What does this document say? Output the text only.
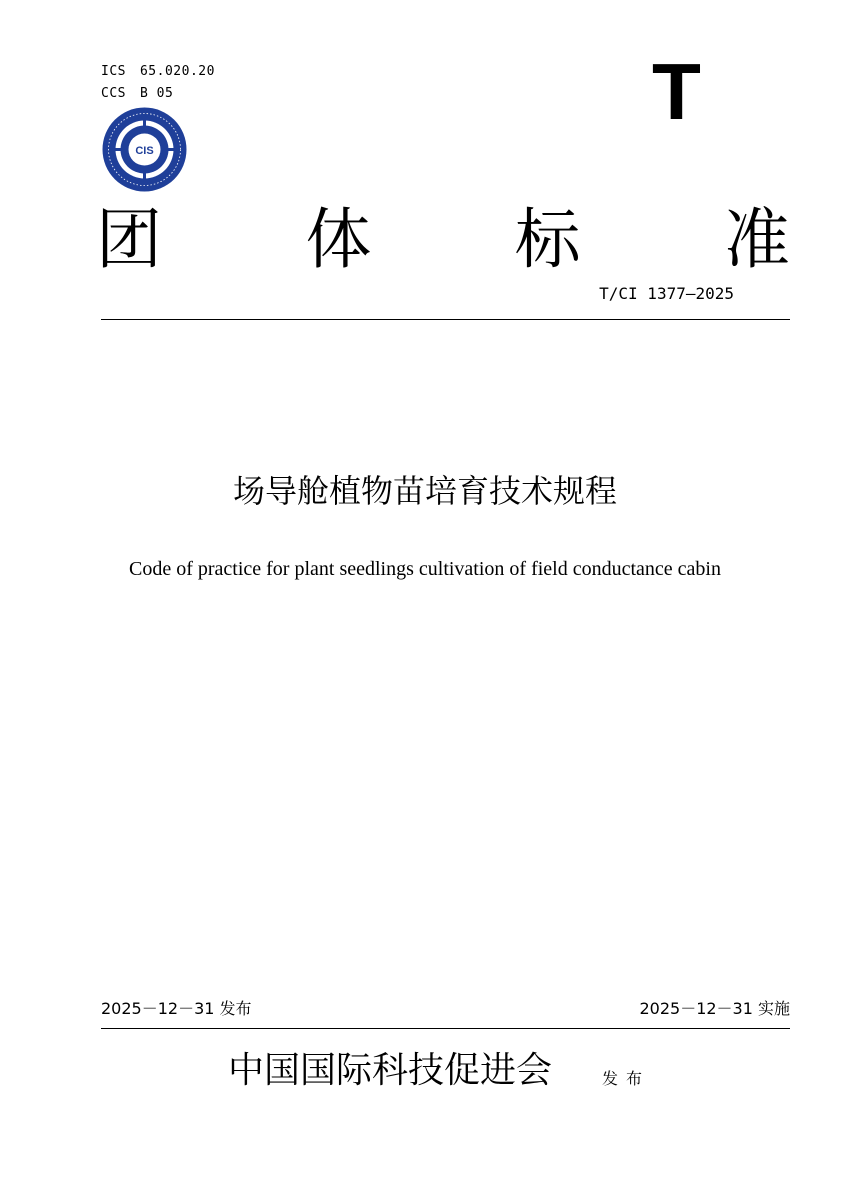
ICS 65.020.20
CCS B 05
CIS
T
团 体 标 准
T/CI 1377—2025
场导舱植物苗培育技术规程
Code of practice for plant seedlings cultivation of field conductance cabin
2025－12－31 发布	2025－12－31 实施
中国国际科技促进会	发布
